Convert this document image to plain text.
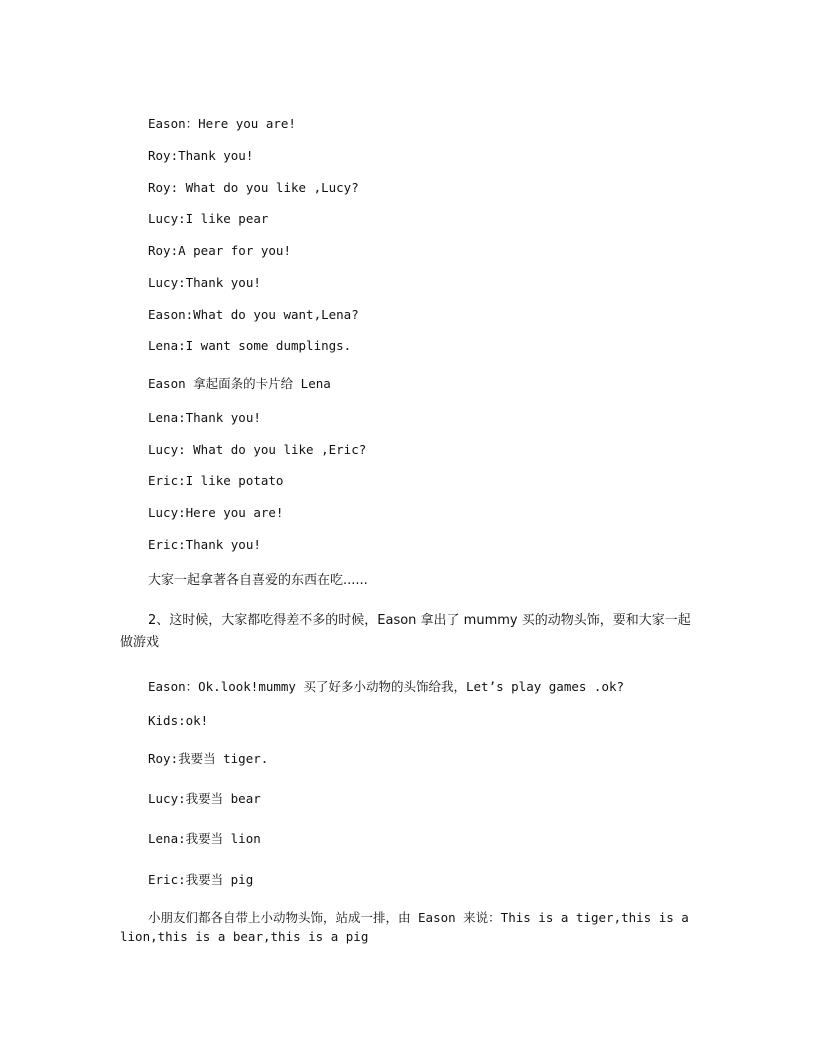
Eason：Here you are!
Roy:Thank you!
Roy: What do you like ,Lucy?
Lucy:I like pear
Roy:A pear for you!
Lucy:Thank you!
Eason:What do you want,Lena?
Lena:I want some dumplings.
Eason 拿起面条的卡片给 Lena
Lena:Thank you!
Lucy: What do you like ,Eric?
Eric:I like potato
Lucy:Here you are!
Eric:Thank you!
大家一起拿著各自喜爱的东西在吃......
2、这时候，大家都吃得差不多的时候，Eason 拿出了 mummy 买的动物头饰，要和大家一起做游戏
Eason：Ok.look!mummy 买了好多小动物的头饰给我，Let’s play games .ok?
Kids:ok!
Roy:我要当 tiger.
Lucy:我要当 bear
Lena:我要当 lion
Eric:我要当 pig
小朋友们都各自带上小动物头饰，站成一排，由 Eason 来说：This is a tiger,this is a lion,this is a bear,this is a pig
